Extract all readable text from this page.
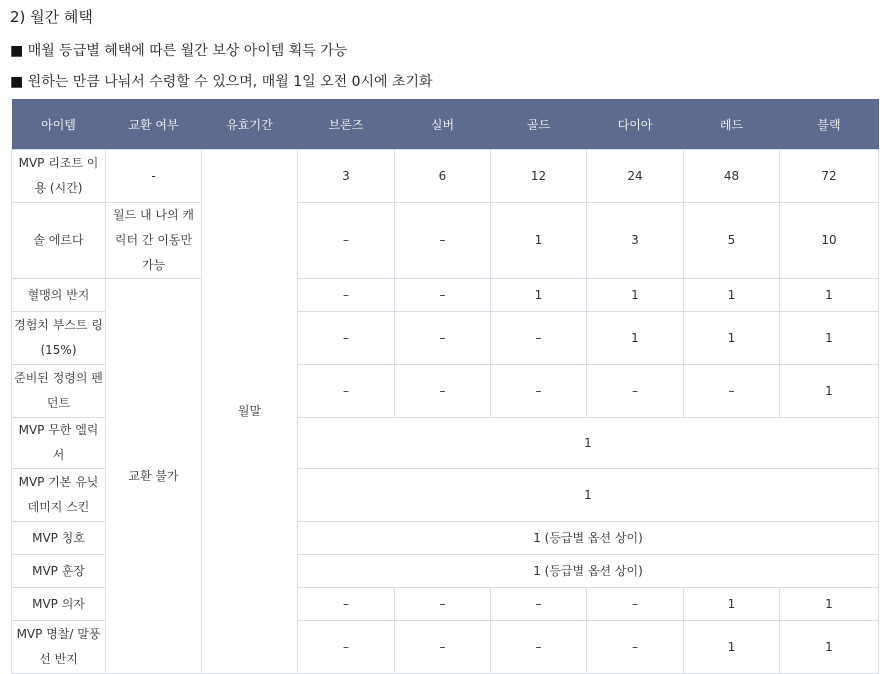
2) 월간 혜택
■ 매월 등급별 혜택에 따른 월간 보상 아이템 획득 가능
■ 원하는 만큼 나눠서 수령할 수 있으며, 매월 1일 오전 0시에 초기화
아이템	교환 여부	유효기간	브론즈	실버	골드	다이아	레드	블랙
MVP 리조트 이용 (시간)	-	월말	3	6	12	24	48	72
솔 에르다	월드 내 나의 캐릭터 간 이동만 가능		–	–	1	3	5	10
혈맹의 반지	교환 불가		–	–	1	1	1	1
경험치 부스트 링 (15%)			–	–	–	1	1	1
준비된 정령의 펜던트			–	–	–	–	–	1
MVP 무한 엘릭서			1					
MVP 기본 유닛 데미지 스킨			1					
MVP 칭호			1 (등급별 옵션 상이)					
MVP 훈장			1 (등급별 옵션 상이)					
MVP 의자			–	–	–	–	1	1
MVP 명찰/ 말풍선 반지			–	–	–	–	1	1
